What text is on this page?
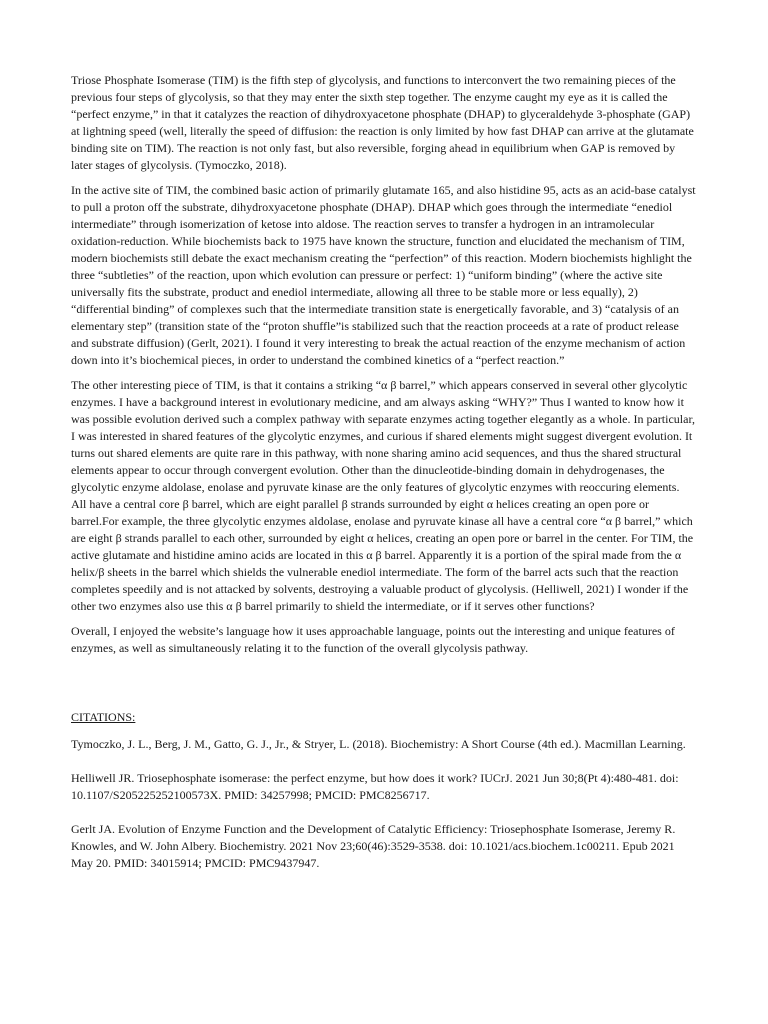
Triose Phosphate Isomerase (TIM) is the fifth step of glycolysis, and functions to interconvert the two remaining pieces of the previous four steps of glycolysis, so that they may enter the sixth step together. The enzyme caught my eye as it is called the “perfect enzyme,” in that it catalyzes the reaction of dihydroxyacetone phosphate (DHAP) to glyceraldehyde 3-phosphate (GAP) at lightning speed (well, literally the speed of diffusion: the reaction is only limited by how fast DHAP can arrive at the glutamate binding site on TIM). The reaction is not only fast, but also reversible, forging ahead in equilibrium when GAP is removed by later stages of glycolysis. (Tymoczko, 2018).

In the active site of TIM, the combined basic action of primarily glutamate 165, and also histidine 95, acts as an acid-base catalyst to pull a proton off the substrate, dihydroxyacetone phosphate (DHAP). DHAP which goes through the intermediate “enediol intermediate” through isomerization of ketose into aldose. The reaction serves to transfer a hydrogen in an intramolecular oxidation-reduction. While biochemists back to 1975 have known the structure, function and elucidated the mechanism of TIM, modern biochemists still debate the exact mechanism creating the “perfection” of this reaction. Modern biochemists highlight the three “subtleties” of the reaction, upon which evolution can pressure or perfect: 1) “uniform binding” (where the active site universally fits the substrate, product and enediol intermediate, allowing all three to be stable more or less equally), 2) “differential binding” of complexes such that the intermediate transition state is energetically favorable, and 3) “catalysis of an elementary step” (transition state of the “proton shuffle”is stabilized such that the reaction proceeds at a rate of product release and substrate diffusion) (Gerlt, 2021). I found it very interesting to break the actual reaction of the enzyme mechanism of action down into it’s biochemical pieces, in order to understand the combined kinetics of a “perfect reaction.”

The other interesting piece of TIM, is that it contains a striking “α β barrel,” which appears conserved in several other glycolytic enzymes. I have a background interest in evolutionary medicine, and am always asking “WHY?” Thus I wanted to know how it was possible evolution derived such a complex pathway with separate enzymes acting together elegantly as a whole. In particular, I was interested in shared features of the glycolytic enzymes, and curious if shared elements might suggest divergent evolution. It turns out shared elements are quite rare in this pathway, with none sharing amino acid sequences, and thus the shared structural elements appear to occur through convergent evolution. Other than the dinucleotide-binding domain in dehydrogenases, the glycolytic enzyme aldolase, enolase and pyruvate kinase are the only features of glycolytic enzymes with reoccuring elements. All have a central core β barrel, which are eight parallel β strands surrounded by eight α helices creating an open pore or barrel.For example, the three glycolytic enzymes aldolase, enolase and pyruvate kinase all have a central core “α β barrel,” which are eight β strands parallel to each other, surrounded by eight α helices, creating an open pore or barrel in the center. For TIM, the active glutamate and histidine amino acids are located in this α β barrel. Apparently it is a portion of the spiral made from the α helix/β sheets in the barrel which shields the vulnerable enediol intermediate. The form of the barrel acts such that the reaction completes speedily and is not attacked by solvents, destroying a valuable product of glycolysis. (Helliwell, 2021) I wonder if the other two enzymes also use this α β barrel primarily to shield the intermediate, or if it serves other functions?

Overall, I enjoyed the website’s language how it uses approachable language, points out the interesting and unique features of enzymes, as well as simultaneously relating it to the function of the overall glycolysis pathway.

CITATIONS:
Tymoczko, J. L., Berg, J. M., Gatto, G. J., Jr., & Stryer, L. (2018). Biochemistry: A Short Course (4th ed.). Macmillan Learning.
Helliwell JR. Triosephosphate isomerase: the perfect enzyme, but how does it work? IUCrJ. 2021 Jun 30;8(Pt 4):480-481. doi: 10.1107/S205225252100573X. PMID: 34257998; PMCID: PMC8256717.
Gerlt JA. Evolution of Enzyme Function and the Development of Catalytic Efficiency: Triosephosphate Isomerase, Jeremy R. Knowles, and W. John Albery. Biochemistry. 2021 Nov 23;60(46):3529-3538. doi: 10.1021/acs.biochem.1c00211. Epub 2021 May 20. PMID: 34015914; PMCID: PMC9437947.
